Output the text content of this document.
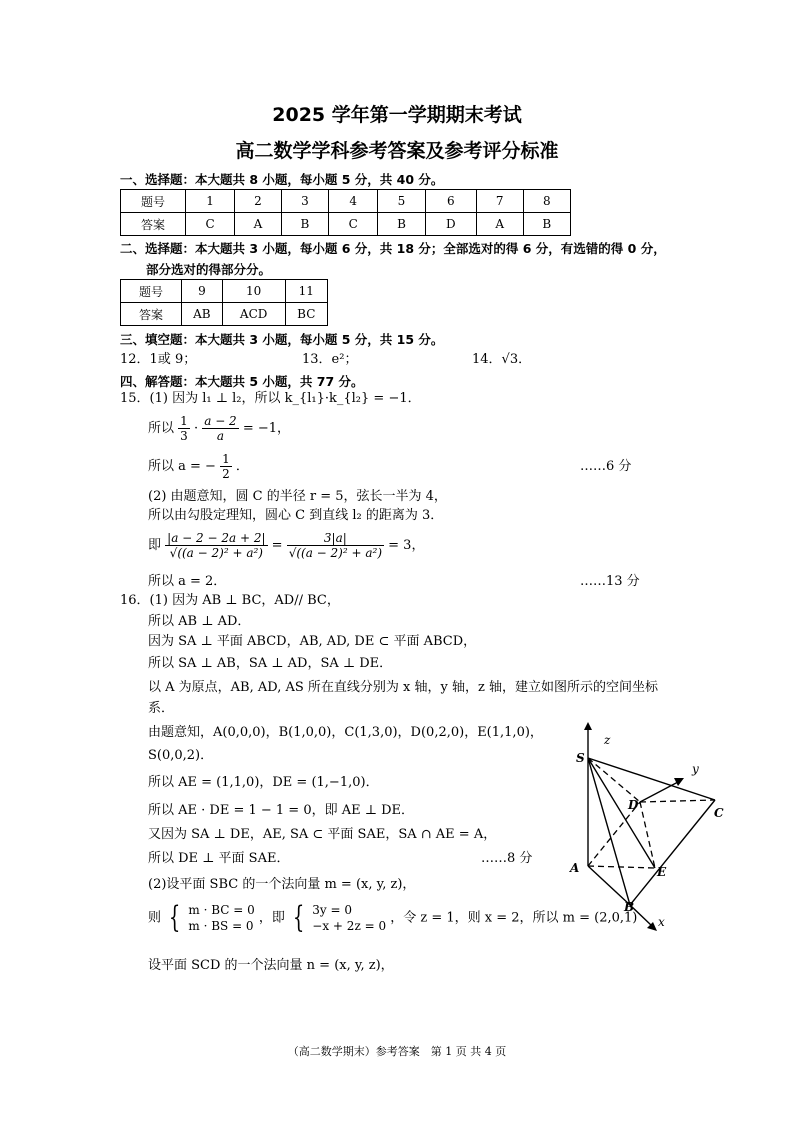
2025 学年第一学期期末考试
高二数学学科参考答案及参考评分标准
一、选择题：本大题共 8 小题，每小题 5 分，共 40 分。
题号	1	2	3	4	5	6	7	8
答案	C	A	B	C	B	D	A	B
二、选择题：本大题共 3 小题，每小题 6 分，共 18 分；全部选对的得 6 分，有选错的得 0 分，
部分选对的得部分分。
题号	9	10	11
答案	AB	ACD	BC
三、填空题：本大题共 3 小题，每小题 5 分，共 15 分。
12．1或 9；	13．e²；	14．√3．
四、解答题：本大题共 5 小题，共 77 分。
15．(1) 因为 l₁ ⊥ l₂，所以 k_{l₁}·k_{l₂} = −1．
所以 $\frac{1}{3} \cdot \frac{a - 2}{a} = -1$，
所以 a = − $\frac{1}{2}$ ．	……6 分
(2) 由题意知，圆 C 的半径 r = 5，弦长一半为 4，
所以由勾股定理知，圆心 C 到直线 l₂ 的距离为 3．
即 $\frac{|a - 2 - 2a + 2|}{\text{√((a − 2)² + a²)}} = \frac{3|a|}{\text{√((a − 2)² + a²)}} = 3$，
所以 a = 2．	……13 分
16．(1) 因为 AB ⊥ BC，AD// BC，
所以 AB ⊥ AD．
因为 SA ⊥ 平面 ABCD，AB, AD, DE ⊂ 平面 ABCD，
所以 SA ⊥ AB，SA ⊥ AD，SA ⊥ DE．
以 A 为原点，AB, AD, AS 所在直线分别为 x 轴，y 轴，z 轴，建立如图所示的空间坐标
系．
由题意知，A(0,0,0)，B(1,0,0)，C(1,3,0)，D(0,2,0)，E(1,1,0)，
S(0,0,2)．
所以 AE = (1,1,0)，DE = (1,−1,0)．
所以 AE · DE = 1 − 1 = 0，即 AE ⊥ DE．
又因为 SA ⊥ DE，AE, SA ⊂ 平面 SAE，SA ∩ AE = A，
所以 DE ⊥ 平面 SAE．	……8 分
(2)设平面 SBC 的一个法向量 m = (x, y, z)，
则 { m · BC = 0
m · BS = 0
，即 { 3y = 0
−x + 2z = 0
，令 z = 1，则 x = 2，所以 m = (2,0,1)
设平面 SCD 的一个法向量 n = (x, y, z)，
z
y
x
S
D
C
A	E
B
（高二数学期末）参考答案　第 1 页 共 4 页
